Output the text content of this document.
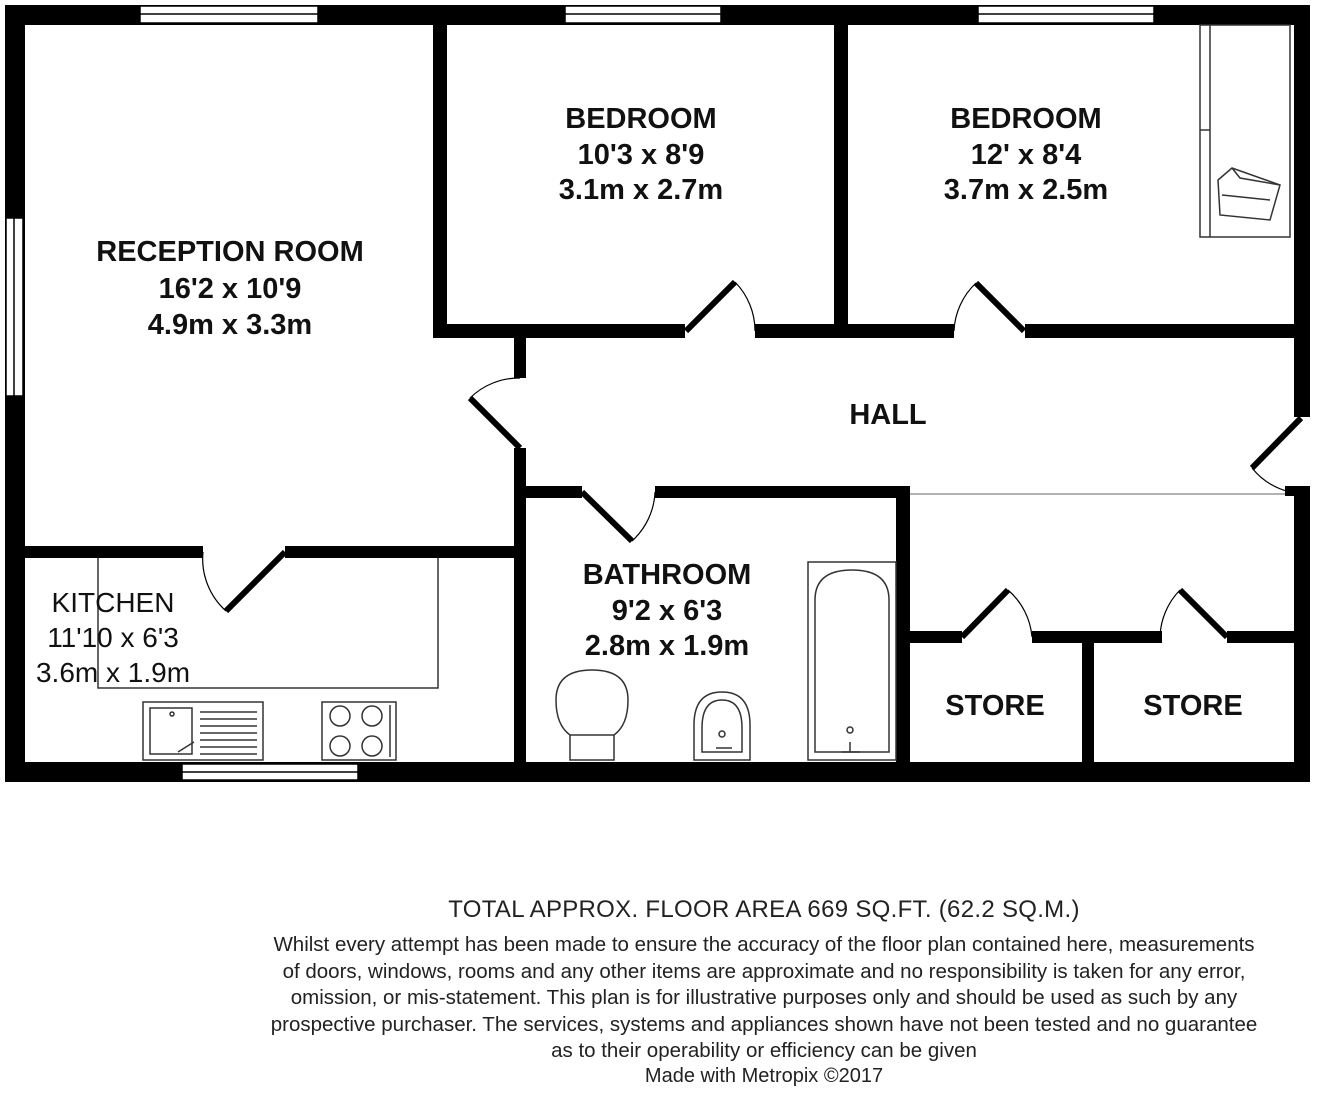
RECEPTION ROOM
16'2 x 10'9
4.9m x 3.3m
BEDROOM
10'3 x 8'9
3.1m x 2.7m
BEDROOM
12' x 8'4
3.7m x 2.5m
HALL
BATHROOM
9'2 x 6'3
2.8m x 1.9m
STORE	STORE
KITCHEN
11'10 x 6'3
3.6m x 1.9m
TOTAL APPROX. FLOOR AREA 669 SQ.FT. (62.2 SQ.M.)
Whilst every attempt has been made to ensure the accuracy of the floor plan contained here, measurements
of doors, windows, rooms and any other items are approximate and no responsibility is taken for any error,
omission, or mis-statement. This plan is for illustrative purposes only and should be used as such by any
prospective purchaser. The services, systems and appliances shown have not been tested and no guarantee
as to their operability or efficiency can be given
Made with Metropix ©2017
